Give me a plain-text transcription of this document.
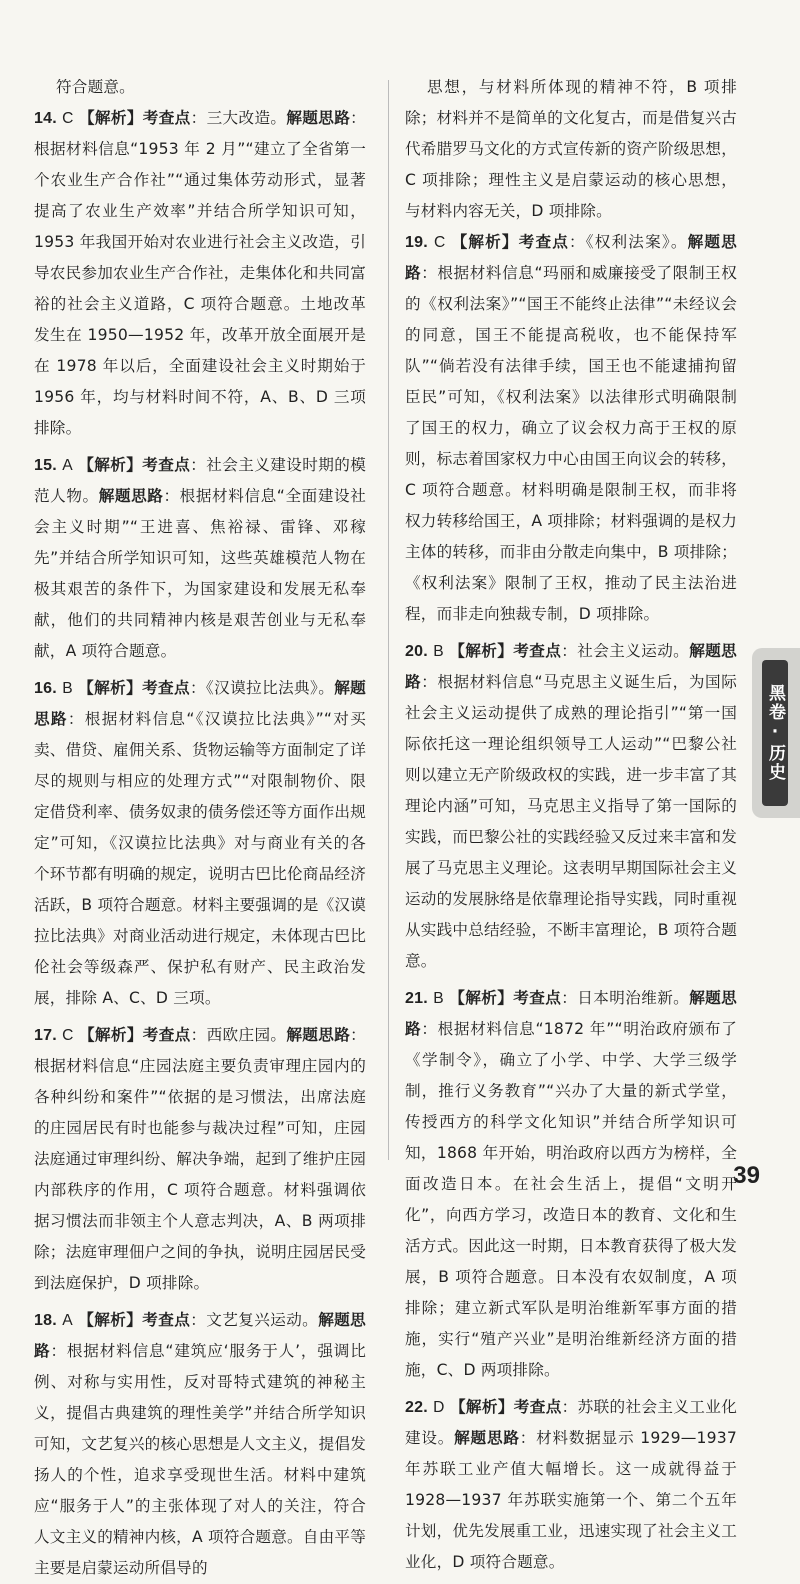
符合题意。

14. C 【解析】考查点：三大改造。解题思路：根据材料信息“1953 年 2 月”“建立了全省第一个农业生产合作社”“通过集体劳动形式，显著提高了农业生产效率”并结合所学知识可知，1953 年我国开始对农业进行社会主义改造，引导农民参加农业生产合作社，走集体化和共同富裕的社会主义道路，C 项符合题意。土地改革发生在 1950—1952 年，改革开放全面展开是在 1978 年以后，全面建设社会主义时期始于 1956 年，均与材料时间不符，A、B、D 三项排除。

15. A 【解析】考查点：社会主义建设时期的模范人物。解题思路：根据材料信息“全面建设社会主义时期”“王进喜、焦裕禄、雷锋、邓稼先”并结合所学知识可知，这些英雄模范人物在极其艰苦的条件下，为国家建设和发展无私奉献，他们的共同精神内核是艰苦创业与无私奉献，A 项符合题意。

16. B 【解析】考查点：《汉谟拉比法典》。解题思路：根据材料信息“《汉谟拉比法典》”“对买卖、借贷、雇佣关系、货物运输等方面制定了详尽的规则与相应的处理方式”“对限制物价、限定借贷利率、债务奴隶的债务偿还等方面作出规定”可知，《汉谟拉比法典》对与商业有关的各个环节都有明确的规定，说明古巴比伦商品经济活跃，B 项符合题意。材料主要强调的是《汉谟拉比法典》对商业活动进行规定，未体现古巴比伦社会等级森严、保护私有财产、民主政治发展，排除 A、C、D 三项。

17. C 【解析】考查点：西欧庄园。解题思路：根据材料信息“庄园法庭主要负责审理庄园内的各种纠纷和案件”“依据的是习惯法，出席法庭的庄园居民有时也能参与裁决过程”可知，庄园法庭通过审理纠纷、解决争端，起到了维护庄园内部秩序的作用，C 项符合题意。材料强调依据习惯法而非领主个人意志判决，A、B 两项排除；法庭审理佃户之间的争执，说明庄园居民受到法庭保护，D 项排除。

18. A 【解析】考查点：文艺复兴运动。解题思路：根据材料信息“建筑应‘服务于人’，强调比例、对称与实用性，反对哥特式建筑的神秘主义，提倡古典建筑的理性美学”并结合所学知识可知，文艺复兴的核心思想是人文主义，提倡发扬人的个性，追求享受现世生活。材料中建筑应“服务于人”的主张体现了对人的关注，符合人文主义的精神内核，A 项符合题意。自由平等主要是启蒙运动所倡导的

思想，与材料所体现的精神不符，B 项排除；材料并不是简单的文化复古，而是借复兴古代希腊罗马文化的方式宣传新的资产阶级思想，C 项排除；理性主义是启蒙运动的核心思想，与材料内容无关，D 项排除。

19. C 【解析】考查点：《权利法案》。解题思路：根据材料信息“玛丽和威廉接受了限制王权的《权利法案》”“国王不能终止法律”“未经议会的同意，国王不能提高税收，也不能保持军队”“倘若没有法律手续，国王也不能逮捕拘留臣民”可知，《权利法案》以法律形式明确限制了国王的权力，确立了议会权力高于王权的原则，标志着国家权力中心由国王向议会的转移，C 项符合题意。材料明确是限制王权，而非将权力转移给国王，A 项排除；材料强调的是权力主体的转移，而非由分散走向集中，B 项排除；《权利法案》限制了王权，推动了民主法治进程，而非走向独裁专制，D 项排除。

20. B 【解析】考查点：社会主义运动。解题思路：根据材料信息“马克思主义诞生后，为国际社会主义运动提供了成熟的理论指引”“第一国际依托这一理论组织领导工人运动”“巴黎公社则以建立无产阶级政权的实践，进一步丰富了其理论内涵”可知，马克思主义指导了第一国际的实践，而巴黎公社的实践经验又反过来丰富和发展了马克思主义理论。这表明早期国际社会主义运动的发展脉络是依靠理论指导实践，同时重视从实践中总结经验，不断丰富理论，B 项符合题意。

21. B 【解析】考查点：日本明治维新。解题思路：根据材料信息“1872 年”“明治政府颁布了《学制令》，确立了小学、中学、大学三级学制，推行义务教育”“兴办了大量的新式学堂，传授西方的科学文化知识”并结合所学知识可知，1868 年开始，明治政府以西方为榜样，全面改造日本。在社会生活上，提倡“文明开化”，向西方学习，改造日本的教育、文化和生活方式。因此这一时期，日本教育获得了极大发展，B 项符合题意。日本没有农奴制度，A 项排除；建立新式军队是明治维新军事方面的措施，实行“殖产兴业”是明治维新经济方面的措施，C、D 两项排除。

22. D 【解析】考查点：苏联的社会主义工业化建设。解题思路：材料数据显示 1929—1937 年苏联工业产值大幅增长。这一成就得益于 1928—1937 年苏联实施第一个、第二个五年计划，优先发展重工业，迅速实现了社会主义工业化，D 项符合题意。

黑卷·历史
39
